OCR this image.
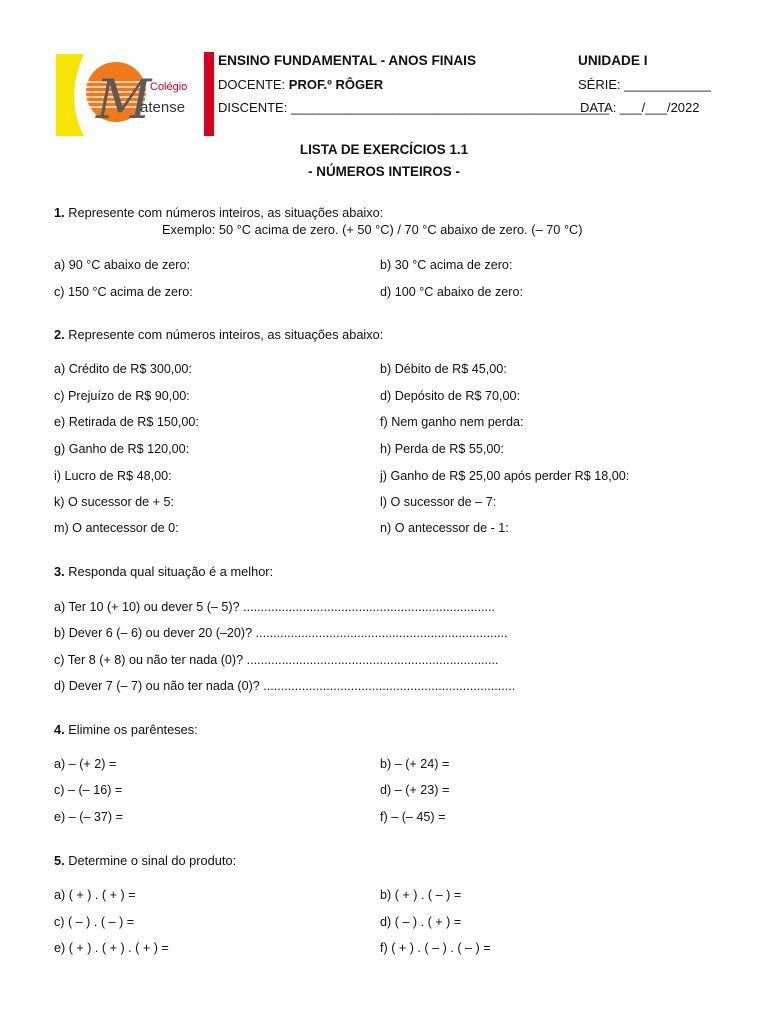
M
Colégio
atense
ENSINO FUNDAMENTAL - ANOS FINAIS	UNIDADE I
DOCENTE: PROF.º RÔGER	SÉRIE: ____________
DISCENTE: ____________________________________________
DATA: ___/___/2022
LISTA DE EXERCÍCIOS 1.1
- NÚMEROS INTEIROS -
1. Represente com números inteiros, as situações abaixo:
Exemplo: 50 °C acima de zero. (+ 50 °C) / 70 °C abaixo de zero. (– 70 °C)
a) 90 °C abaixo de zero:	b) 30 °C acima de zero:
c) 150 °C acima de zero:	d) 100 °C abaixo de zero:
2. Represente com números inteiros, as situações abaixo:
a) Crédito de R$ 300,00:	b) Débito de R$ 45,00:
c) Prejuízo de R$ 90,00:	d) Depósito de R$ 70,00:
e) Retirada de R$ 150,00:	f) Nem ganho nem perda:
g) Ganho de R$ 120,00:	h) Perda de R$ 55,00:
i) Lucro de R$ 48,00:	j) Ganho de R$ 25,00 após perder R$ 18,00:
k) O sucessor de + 5:	l) O sucessor de – 7:
m) O antecessor de 0:	n) O antecessor de - 1:
3. Responda qual situação é a melhor:
a) Ter 10 (+ 10) ou dever 5 (– 5)? ........................................................................
b) Dever 6 (– 6) ou dever 20 (–20)? ........................................................................
c) Ter 8 (+ 8) ou não ter nada (0)? ........................................................................
d) Dever 7 (– 7) ou não ter nada (0)? ........................................................................
4. Elimine os parênteses:
a) – (+ 2) =	b) – (+ 24) =
c) – (– 16) =	d) – (+ 23) =
e) – (– 37) =	f) – (– 45) =
5. Determine o sinal do produto:
a) ( + ) . ( + ) =	b) ( + ) . ( – ) =
c) ( – ) . ( – ) =	d) ( – ) . ( + ) =
e) ( + ) . ( + ) . ( + ) =	f) ( + ) . ( – ) . ( – ) =
